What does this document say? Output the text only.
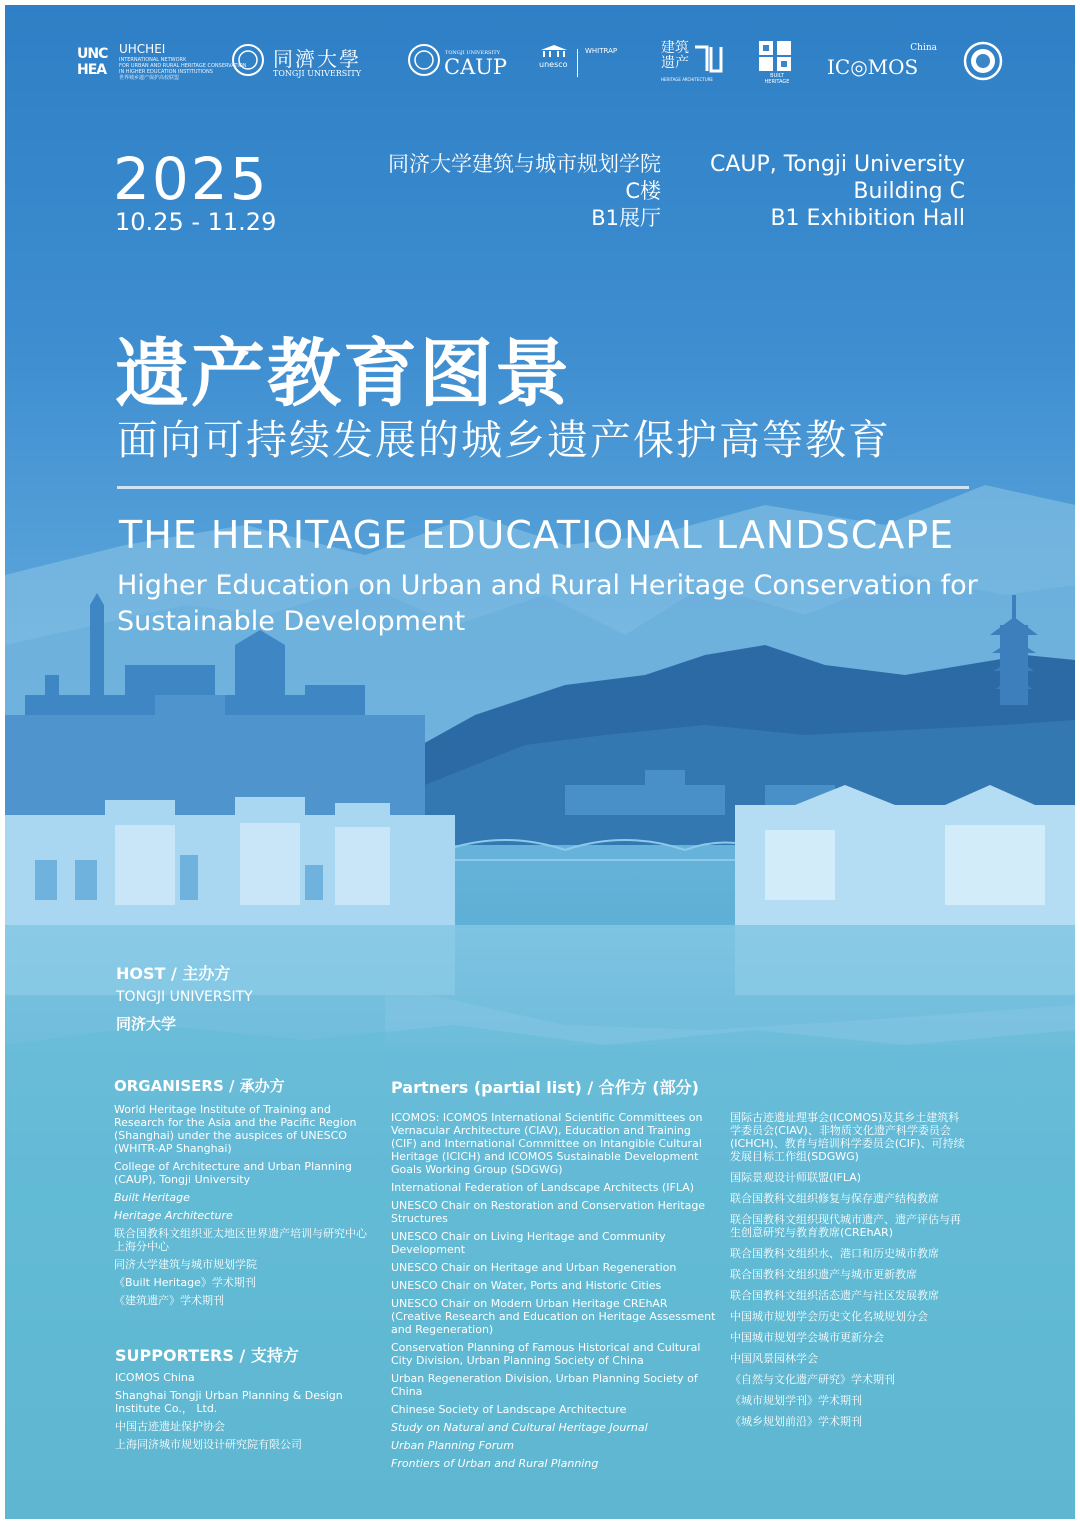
UNC HEA
UHCHEI
INTERNATIONAL NETWORK
FOR URBAN AND RURAL HERITAGE CONSERVATION
IN HIGHER EDUCATION INSTITUTIONS
世界城乡遗产保护高校联盟
同濟大學
TONGJI UNIVERSITY
TONGJI UNIVERSITY
CAUP	unesco
WHITRAP	建筑遗产
HERITAGE ARCHITECTURE
BUILT HERITAGE
China
IC◎MOS
2025
10.25 - 11.29
同济大学建筑与城市规划学院
C楼
B1展厅
CAUP, Tongji University
Building C
B1 Exhibition Hall
遗产教育图景
面向可持续发展的城乡遗产保护高等教育
THE HERITAGE EDUCATIONAL LANDSCAPE
Higher Education on Urban and Rural Heritage Conservation for Sustainable Development
HOST / 主办方
TONGJI UNIVERSITY
同济大学
ORGANISERS / 承办方
World Heritage Institute of Training and Research for the Asia and the Pacific Region (Shanghai) under the auspices of UNESCO (WHITR-AP Shanghai)
College of Architecture and Urban Planning (CAUP), Tongji University
Built Heritage
Heritage Architecture
联合国教科文组织亚太地区世界遗产培训与研究中心上海分中心
同济大学建筑与城市规划学院
《Built Heritage》学术期刊
《建筑遗产》学术期刊
SUPPORTERS / 支持方
ICOMOS China
Shanghai Tongji Urban Planning & Design Institute Co.， Ltd.
中国古迹遗址保护协会
上海同济城市规划设计研究院有限公司
Partners (partial list) / 合作方 (部分)
ICOMOS: ICOMOS International Scientific Committees on Vernacular Architecture (CIAV), Education and Training (CIF) and International Committee on Intangible Cultural Heritage (ICICH) and ICOMOS Sustainable Development Goals Working Group (SDGWG)
International Federation of Landscape Architects (IFLA)
UNESCO Chair on Restoration and Conservation Heritage Structures
UNESCO Chair on Living Heritage and Community Development
UNESCO Chair on Heritage and Urban Regeneration
UNESCO Chair on Water, Ports and Historic Cities
UNESCO Chair on Modern Urban Heritage CREhAR (Creative Research and Education on Heritage Assessment and Regeneration)
Conservation Planning of Famous Historical and Cultural City Division, Urban Planning Society of China
Urban Regeneration Division, Urban Planning Society of China
Chinese Society of Landscape Architecture
Study on Natural and Cultural Heritage Journal
Urban Planning Forum
Frontiers of Urban and Rural Planning
国际古迹遗址理事会(ICOMOS)及其乡土建筑科学委员会(CIAV)、非物质文化遗产科学委员会(ICHCH)、教育与培训科学委员会(CIF)、可持续发展目标工作组(SDGWG)
国际景观设计师联盟(IFLA)
联合国教科文组织修复与保存遗产结构教席
联合国教科文组织现代城市遗产、遗产评估与再生创意研究与教育教席(CREhAR)
联合国教科文组织水、港口和历史城市教席
联合国教科文组织遗产与城市更新教席
联合国教科文组织活态遗产与社区发展教席
中国城市规划学会历史文化名城规划分会
中国城市规划学会城市更新分会
中国风景园林学会
《自然与文化遗产研究》学术期刊
《城市规划学刊》学术期刊
《城乡规划前沿》学术期刊
